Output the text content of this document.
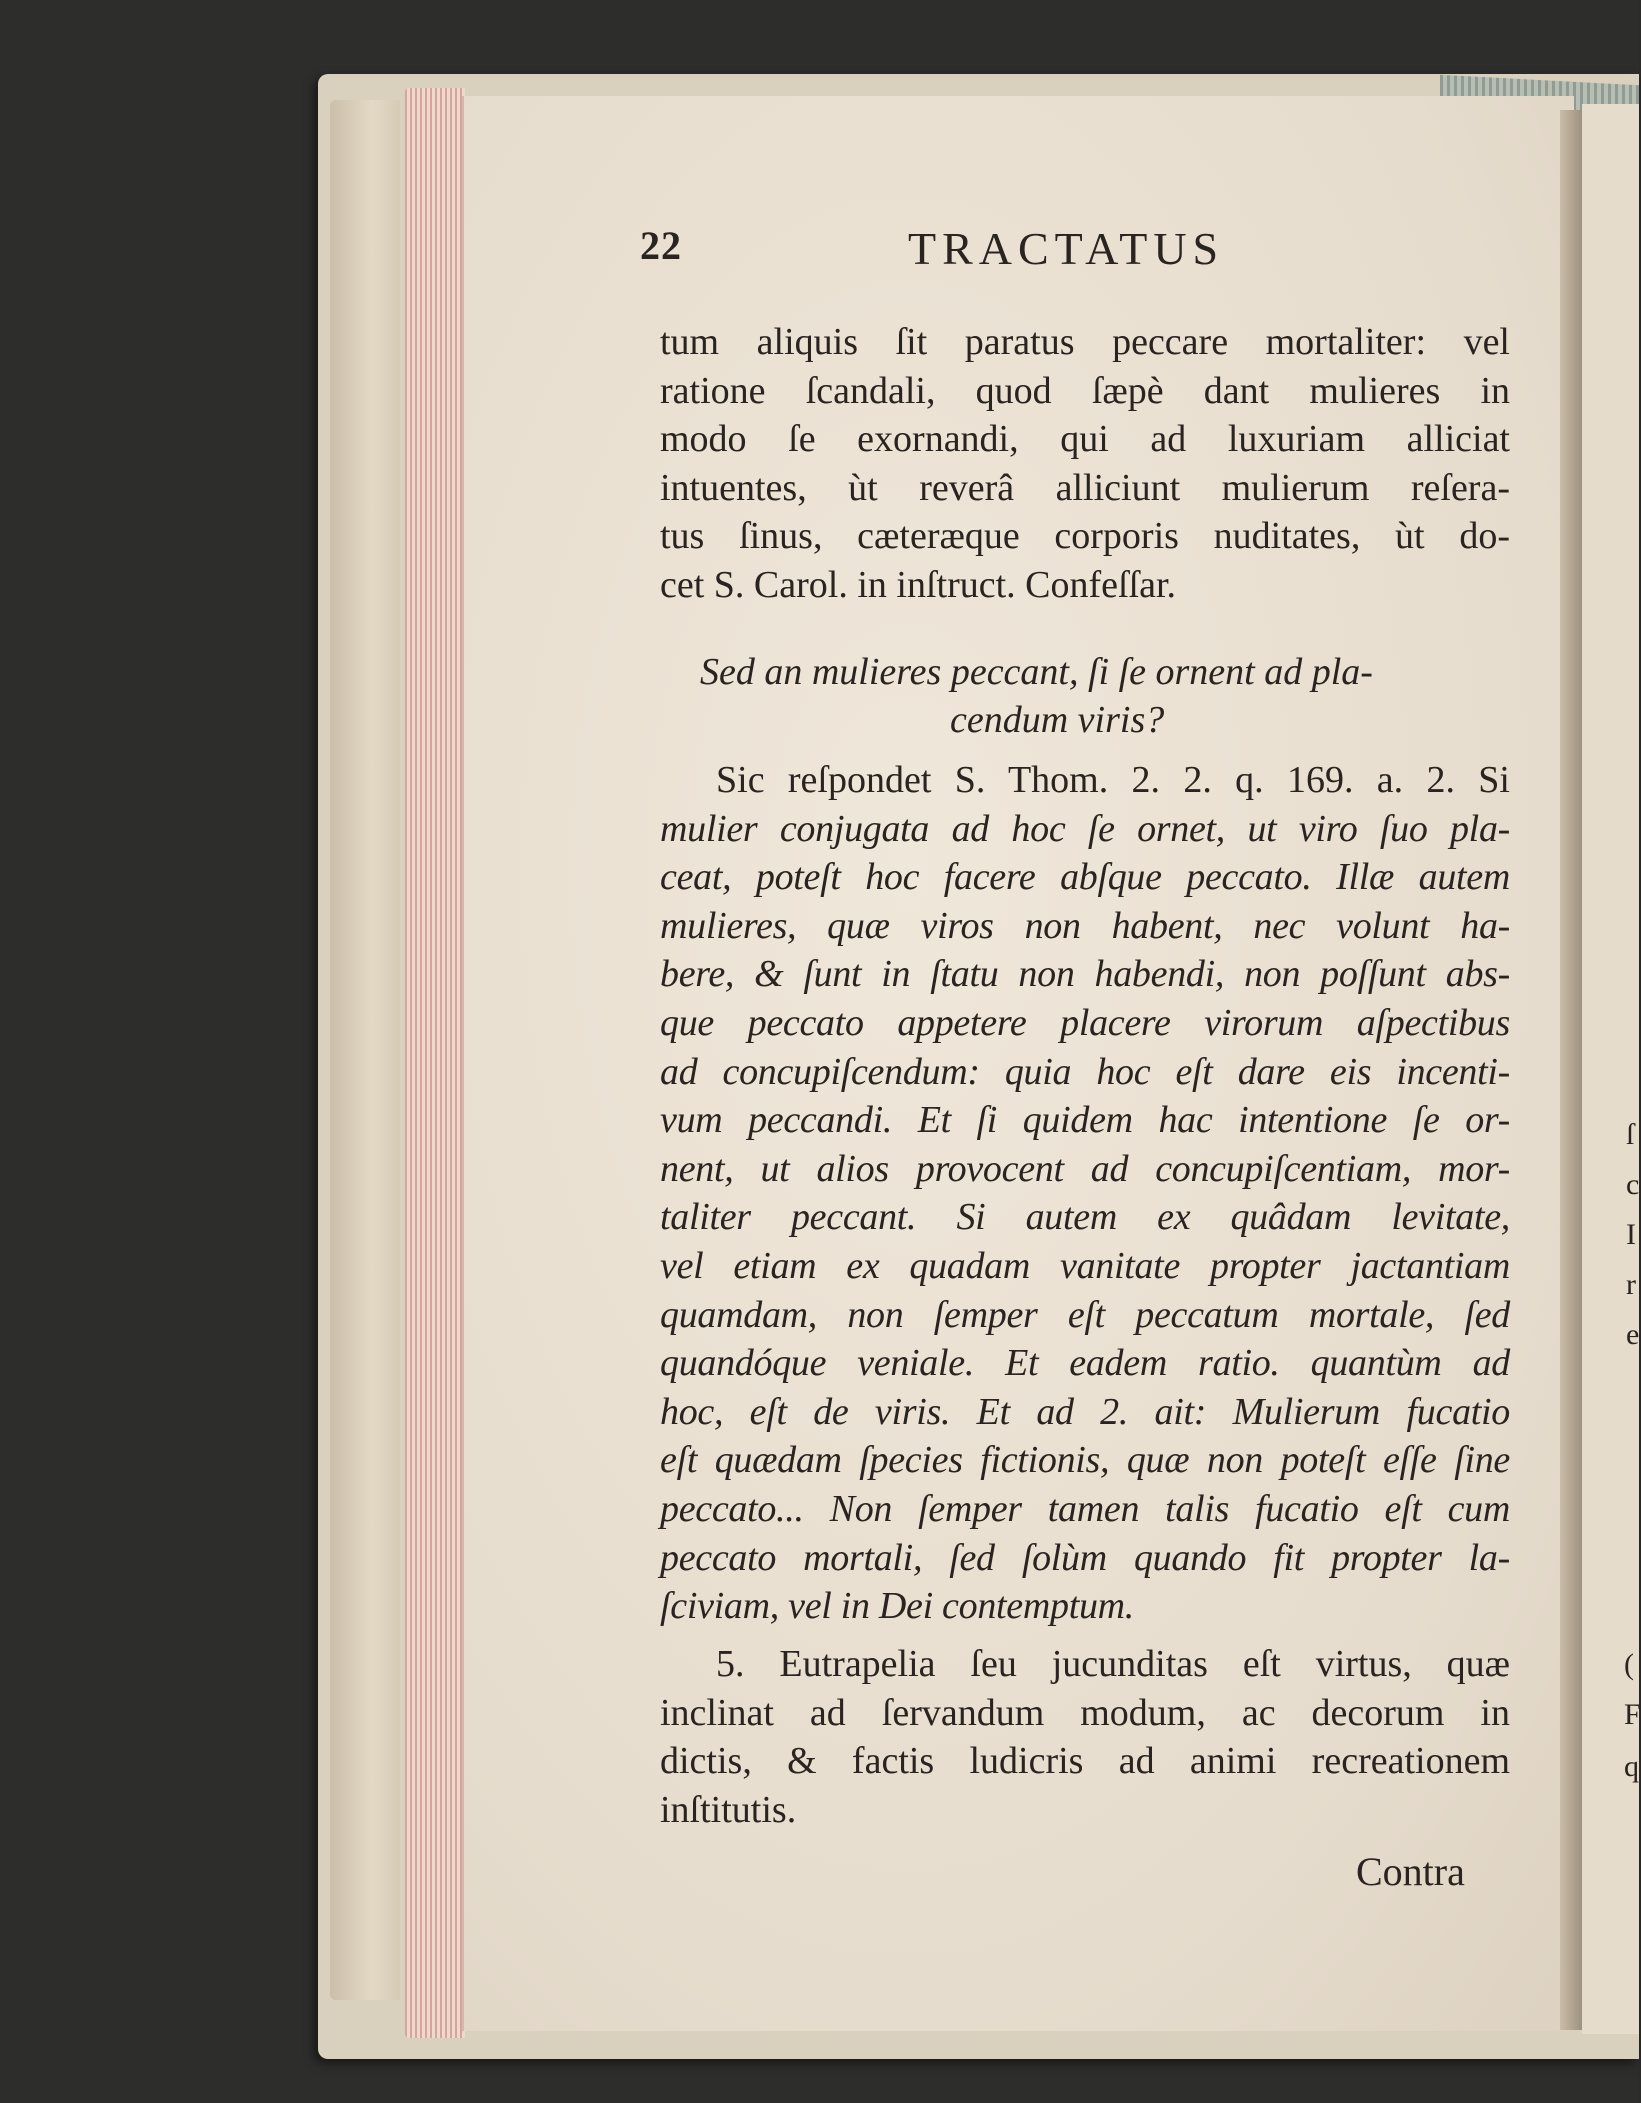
ſ
c
I
r
e
(
F
q
22	TRACTATUS
tum aliquis ſit paratus peccare mortaliter: vel
ratione ſcandali, quod ſæpè dant mulieres in
modo ſe exornandi, qui ad luxuriam alliciat
intuentes, ùt reverâ alliciunt mulierum reſera-
tus ſinus, cæteræque corporis nuditates, ùt do-
cet S. Carol. in inſtruct. Confeſſar.
Sed an mulieres peccant, ſi ſe ornent ad pla-
cendum viris?
Sic reſpondet S. Thom. 2. 2. q. 169. a. 2. Si
mulier conjugata ad hoc ſe ornet, ut viro ſuo pla-
ceat, poteſt hoc facere abſque peccato. Illæ autem
mulieres, quæ viros non habent, nec volunt ha-
bere, & ſunt in ſtatu non habendi, non poſſunt abs-
que peccato appetere placere virorum aſpectibus
ad concupiſcendum: quia hoc eſt dare eis incenti-
vum peccandi. Et ſi quidem hac intentione ſe or-
nent, ut alios provocent ad concupiſcentiam, mor-
taliter peccant. Si autem ex quâdam levitate,
vel etiam ex quadam vanitate propter jactantiam
quamdam, non ſemper eſt peccatum mortale, ſed
quandóque veniale. Et eadem ratio. quantùm ad
hoc, eſt de viris. Et ad 2. ait: Mulierum fucatio
eſt quædam ſpecies fictionis, quæ non poteſt eſſe ſine
peccato... Non ſemper tamen talis fucatio eſt cum
peccato mortali, ſed ſolùm quando fit propter la-
ſciviam, vel in Dei contemptum.
5. Eutrapelia ſeu jucunditas eſt virtus, quæ
inclinat ad ſervandum modum, ac decorum in
dictis, & factis ludicris ad animi recreationem
inſtitutis.
Contra
